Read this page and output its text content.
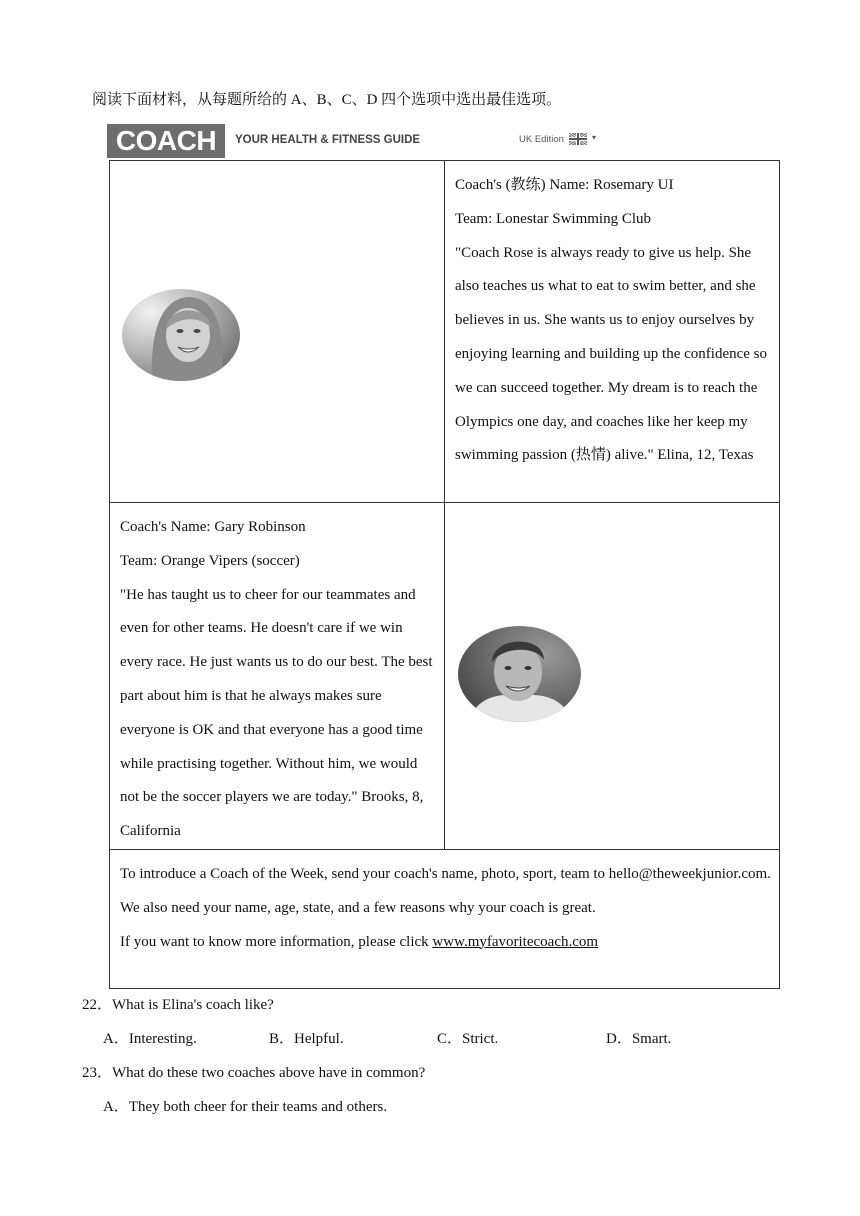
阅读下面材料，从每题所给的 A、B、C、D 四个选项中选出最佳选项。
COACH	YOUR HEALTH & FITNESS GUIDE	UK Edition	▾

Coach's (教练) Name: Rosemary UI
Team: Lonestar Swimming Club
"Coach Rose is always ready to give us help. She also teaches us what to eat to swim better, and she believes in us. She wants us to enjoy ourselves by enjoying learning and building up the confidence so we can succeed together. My dream is to reach the Olympics one day, and coaches like her keep my swimming passion (热情) alive." Elina, 12, Texas

Coach's Name: Gary Robinson
Team: Orange Vipers (soccer)
"He has taught us to cheer for our teammates and even for other teams. He doesn't care if we win every race. He just wants us to do our best. The best part about him is that he always makes sure everyone is OK and that everyone has a good time while practising together. Without him, we would not be the soccer players we are today." Brooks, 8, California

To introduce a Coach of the Week, send your coach's name, photo, sport, team to hello@theweekjunior.com. We also need your name, age, state, and a few reasons why your coach is great.
If you want to know more information, please click www.myfavoritecoach.com	
22．What is Elina's coach like?
A．Interesting.	B．Helpful.	C．Strict.	D．Smart.
23．What do these two coaches above have in common?
A．They both cheer for their teams and others.
